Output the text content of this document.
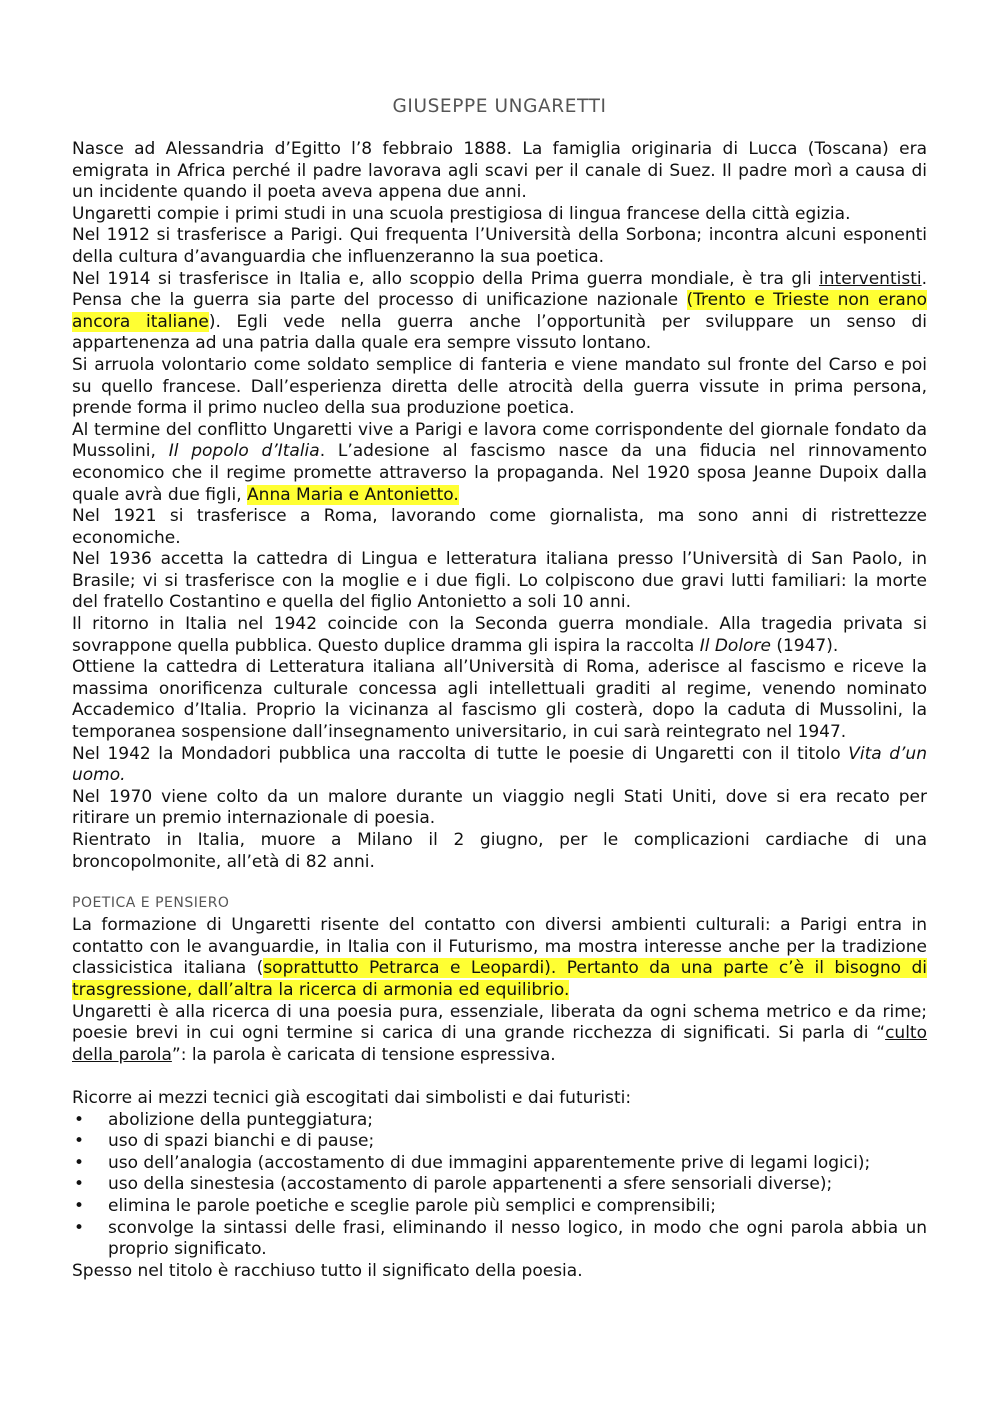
GIUSEPPE UNGARETTI

Nasce ad Alessandria d’Egitto l’8 febbraio 1888. La famiglia originaria di Lucca (Toscana) era emigrata in Africa perché il padre lavorava agli scavi per il canale di Suez. Il padre morì a causa di un incidente quando il poeta aveva appena due anni.

Ungaretti compie i primi studi in una scuola prestigiosa di lingua francese della città egizia.

Nel 1912 si trasferisce a Parigi. Qui frequenta l’Università della Sorbona; incontra alcuni esponenti della cultura d’avanguardia che influenzeranno la sua poetica.

Nel 1914 si trasferisce in Italia e, allo scoppio della Prima guerra mondiale, è tra gli interventisti. Pensa che la guerra sia parte del processo di unificazione nazionale (Trento e Trieste non erano ancora italiane). Egli vede nella guerra anche l’opportunità per sviluppare un senso di appartenenza ad una patria dalla quale era sempre vissuto lontano.

Si arruola volontario come soldato semplice di fanteria e viene mandato sul fronte del Carso e poi su quello francese. Dall’esperienza diretta delle atrocità della guerra vissute in prima persona, prende forma il primo nucleo della sua produzione poetica.

Al termine del conflitto Ungaretti vive a Parigi e lavora come corrispondente del giornale fondato da Mussolini, Il popolo d’Italia. L’adesione al fascismo nasce da una fiducia nel rinnovamento economico che il regime promette attraverso la propaganda. Nel 1920 sposa Jeanne Dupoix dalla quale avrà due figli, Anna Maria e Antonietto.

Nel 1921 si trasferisce a Roma, lavorando come giornalista, ma sono anni di ristrettezze economiche.

Nel 1936 accetta la cattedra di Lingua e letteratura italiana presso l’Università di San Paolo, in Brasile; vi si trasferisce con la moglie e i due figli. Lo colpiscono due gravi lutti familiari: la morte del fratello Costantino e quella del figlio Antonietto a soli 10 anni.

Il ritorno in Italia nel 1942 coincide con la Seconda guerra mondiale. Alla tragedia privata si sovrappone quella pubblica. Questo duplice dramma gli ispira la raccolta Il Dolore (1947).

Ottiene la cattedra di Letteratura italiana all’Università di Roma, aderisce al fascismo e riceve la massima onorificenza culturale concessa agli intellettuali graditi al regime, venendo nominato Accademico d’Italia. Proprio la vicinanza al fascismo gli costerà, dopo la caduta di Mussolini, la temporanea sospensione dall’insegnamento universitario, in cui sarà reintegrato nel 1947.

Nel 1942 la Mondadori pubblica una raccolta di tutte le poesie di Ungaretti con il titolo Vita d’un uomo.

Nel 1970 viene colto da un malore durante un viaggio negli Stati Uniti, dove si era recato per ritirare un premio internazionale di poesia.

Rientrato in Italia, muore a Milano il 2 giugno, per le complicazioni cardiache di una broncopolmonite, all’età di 82 anni.

POETICA E PENSIERO

La formazione di Ungaretti risente del contatto con diversi ambienti culturali: a Parigi entra in contatto con le avanguardie, in Italia con il Futurismo, ma mostra interesse anche per la tradizione classicistica italiana (soprattutto Petrarca e Leopardi). Pertanto da una parte c’è il bisogno di trasgressione, dall’altra la ricerca di armonia ed equilibrio.

Ungaretti è alla ricerca di una poesia pura, essenziale, liberata da ogni schema metrico e da rime; poesie brevi in cui ogni termine si carica di una grande ricchezza di significati. Si parla di “culto della parola”: la parola è caricata di tensione espressiva.

Ricorre ai mezzi tecnici già escogitati dai simbolisti e dai futuristi:

• abolizione della punteggiatura;
• uso di spazi bianchi e di pause;
• uso dell’analogia (accostamento di due immagini apparentemente prive di legami logici);
• uso della sinestesia (accostamento di parole appartenenti a sfere sensoriali diverse);
• elimina le parole poetiche e sceglie parole più semplici e comprensibili;
• sconvolge la sintassi delle frasi, eliminando il nesso logico, in modo che ogni parola abbia un proprio significato.

Spesso nel titolo è racchiuso tutto il significato della poesia.
